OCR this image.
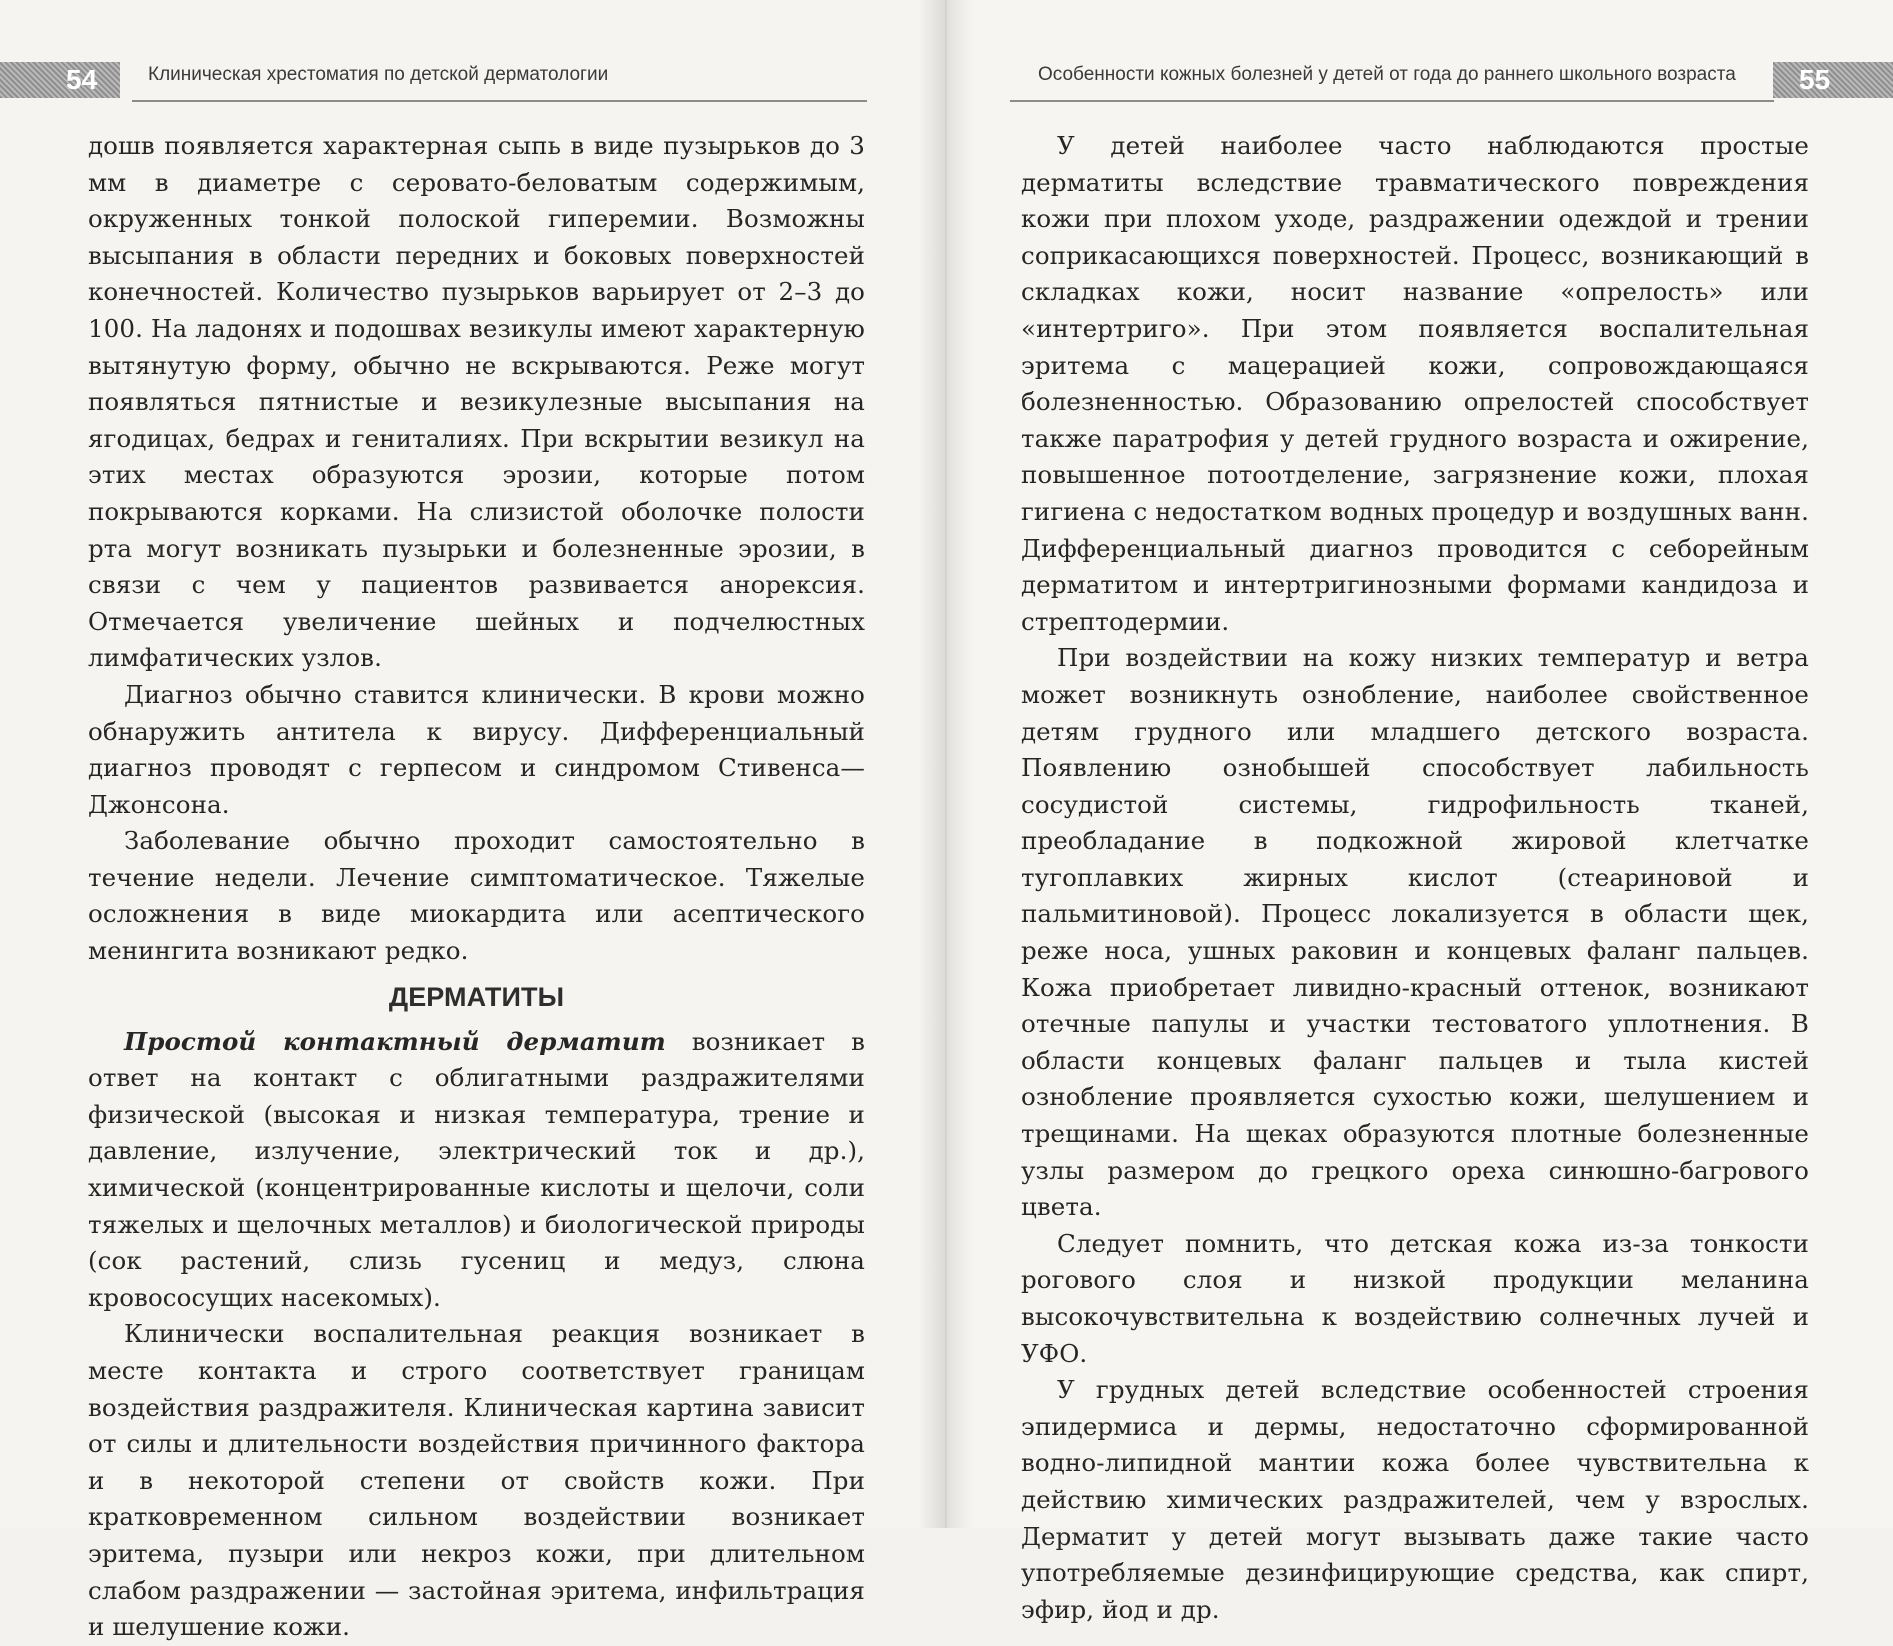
54	Клиническая хрестоматия по детской дерматологии

дошв появляется характерная сыпь в виде пузырьков до 3 мм в диаметре с серовато-беловатым содержимым, окруженных тонкой полоской гиперемии. Возможны высыпания в области передних и боковых поверхностей конечностей. Количество пузырьков варьирует от 2–3 до 100. На ладонях и подошвах везикулы имеют характерную вытянутую форму, обычно не вскрываются. Реже могут появляться пятнистые и везикулезные высыпания на ягодицах, бедрах и гениталиях. При вскрытии везикул на этих местах образуются эрозии, которые потом покрываются корками. На слизистой оболочке полости рта могут возникать пузырьки и болезненные эрозии, в связи с чем у пациентов развивается анорексия. Отмечается увеличение шейных и подчелюстных лимфатических узлов.

Диагноз обычно ставится клинически. В крови можно обнаружить антитела к вирусу. Дифференциальный диагноз проводят с герпесом и синдромом Стивенса—Джонсона.

Заболевание обычно проходит самостоятельно в течение недели. Лечение симптоматическое. Тяжелые осложнения в виде миокардита или асептического менингита возникают редко.

ДЕРМАТИТЫ

Простой контактный дерматит возникает в ответ на контакт с облигатными раздражителями физической (высокая и низкая температура, трение и давление, излучение, электрический ток и др.), химической (концентрированные кислоты и щелочи, соли тяжелых и щелочных металлов) и биологической природы (сок растений, слизь гусениц и медуз, слюна кровососущих насекомых).

Клинически воспалительная реакция возникает в месте контакта и строго соответствует границам воздействия раздражителя. Клиническая картина зависит от силы и длительности воздействия причинного фактора и в некоторой степени от свойств кожи. При кратковременном сильном воздействии возникает эритема, пузыри или некроз кожи, при длительном слабом раздражении — застойная эритема, инфильтрация и шелушение кожи.

Особенности кожных болезней у детей от года до раннего школьного возраста	55

У детей наиболее часто наблюдаются простые дерматиты вследствие травматического повреждения кожи при плохом уходе, раздражении одеждой и трении соприкасающихся поверхностей. Процесс, возникающий в складках кожи, носит название «опрелость» или «интертриго». При этом появляется воспалительная эритема с мацерацией кожи, сопровождающаяся болезненностью. Образованию опрелостей способствует также паратрофия у детей грудного возраста и ожирение, повышенное потоотделение, загрязнение кожи, плохая гигиена с недостатком водных процедур и воздушных ванн. Дифференциальный диагноз проводится с себорейным дерматитом и интертригинозными формами кандидоза и стрептодермии.

При воздействии на кожу низких температур и ветра может возникнуть ознобление, наиболее свойственное детям грудного или младшего детского возраста. Появлению ознобышей способствует лабильность сосудистой системы, гидрофильность тканей, преобладание в подкожной жировой клетчатке тугоплавких жирных кислот (стеариновой и пальмитиновой). Процесс локализуется в области щек, реже носа, ушных раковин и концевых фаланг пальцев. Кожа приобретает ливидно-красный оттенок, возникают отечные папулы и участки тестоватого уплотнения. В области концевых фаланг пальцев и тыла кистей ознобление проявляется сухостью кожи, шелушением и трещинами. На щеках образуются плотные болезненные узлы размером до грецкого ореха синюшно-багрового цвета.

Следует помнить, что детская кожа из-за тонкости рогового слоя и низкой продукции меланина высокочувствительна к воздействию солнечных лучей и УФО.

У грудных детей вследствие особенностей строения эпидермиса и дермы, недостаточно сформированной водно-липидной мантии кожа более чувствительна к действию химических раздражителей, чем у взрослых. Дерматит у детей могут вызывать даже такие часто употребляемые дезинфицирующие средства, как спирт, эфир, йод и др.
